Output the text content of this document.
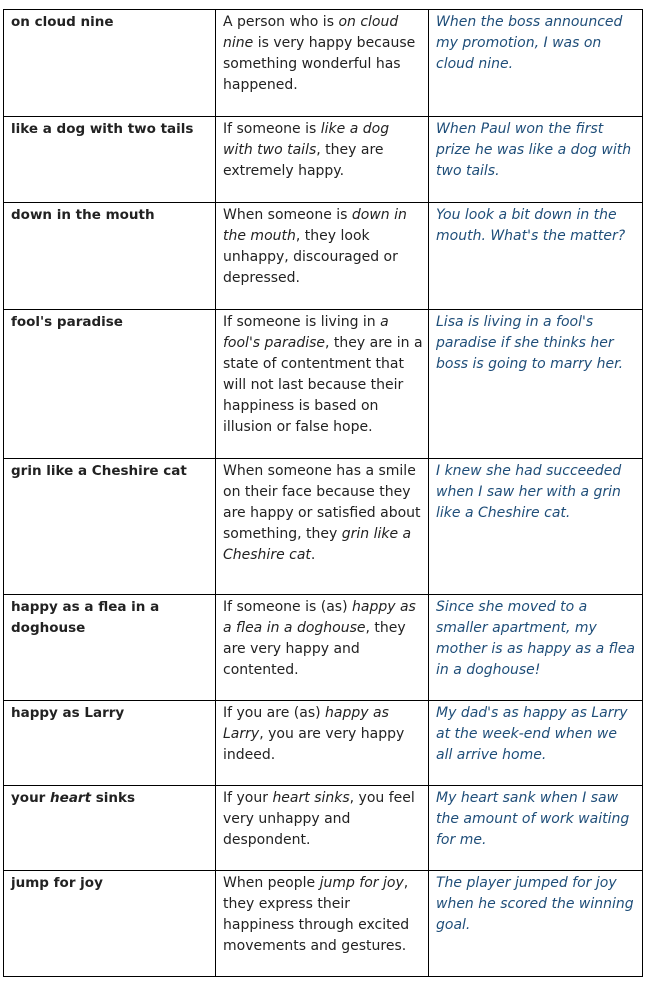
on cloud nine	A person who is on cloud nine is very happy because something wonderful has happened.	When the boss announced my promotion, I was on cloud nine.
like a dog with two tails	If someone is like a dog with two tails, they are extremely happy.	When Paul won the first prize he was like a dog with two tails.
down in the mouth	When someone is down in the mouth, they look unhappy, discouraged or depressed.	You look a bit down in the mouth. What's the matter?
fool's paradise	If someone is living in a fool's paradise, they are in a state of contentment that will not last because their happiness is based on illusion or false hope.	Lisa is living in a fool's paradise if she thinks her boss is going to marry her.
grin like a Cheshire cat	When someone has a smile on their face because they are happy or satisfied about something, they grin like a Cheshire cat.	I knew she had succeeded when I saw her with a grin like a Cheshire cat.
happy as a flea in a doghouse	If someone is (as) happy as a flea in a doghouse, they are very happy and contented.	Since she moved to a smaller apartment, my mother is as happy as a flea in a doghouse!
happy as Larry	If you are (as) happy as Larry, you are very happy indeed.	My dad's as happy as Larry at the week-end when we all arrive home.
your heart sinks	If your heart sinks, you feel very unhappy and despondent.	My heart sank when I saw the amount of work waiting for me.
jump for joy	When people jump for joy, they express their happiness through excited movements and gestures.	The player jumped for joy when he scored the winning goal.
